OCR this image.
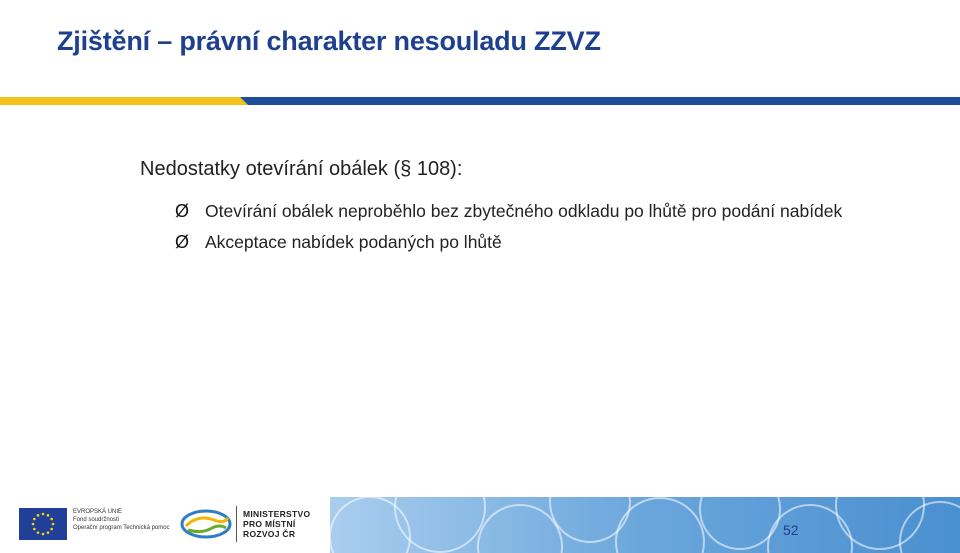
Zjištění – právní charakter nesouladu ZZVZ
Nedostatky otevírání obálek (§ 108):
Ø Otevírání obálek neproběhlo bez zbytečného odkladu po lhůtě pro podání nabídek
Ø Akceptace nabídek podaných po lhůtě
52
EVROPSKÁ UNIE
Fond soudržnosti
Operační program Technická pomoc
MINISTERSTVO
PRO MÍSTNÍ
ROZVOJ ČR
